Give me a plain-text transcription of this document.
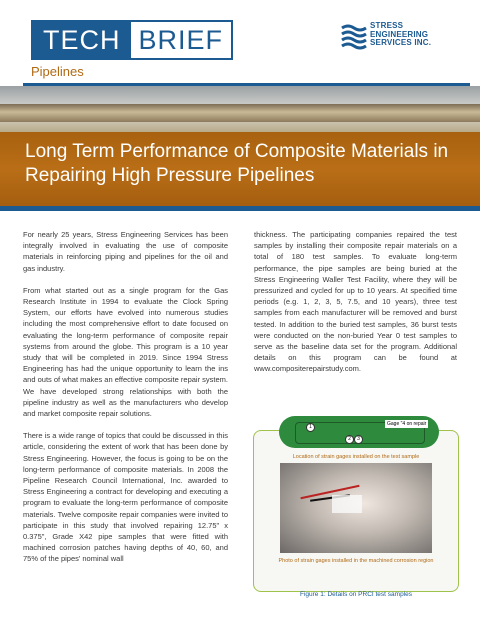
TECH BRIEF	STRESS
ENGINEERING
SERVICES INC.
Pipelines
Long Term Performance of Composite Materials in Repairing High Pressure Pipelines

For nearly 25 years, Stress Engineering Services has been integrally involved in evaluating the use of composite materials in reinforcing piping and pipelines for the oil and gas industry.

From what started out as a single program for the Gas Research Institute in 1994 to evaluate the Clock Spring System, our efforts have evolved into numerous studies including the most comprehensive effort to date focused on evaluating the long-term performance of composite repair systems from around the globe. This program is a 10 year study that will be completed in 2019. Since 1994 Stress Engineering has had the unique opportunity to learn the ins and outs of what makes an effective composite repair system. We have developed strong relationships with both the pipeline industry as well as the manufacturers who develop and market composite repair solutions.

There is a wide range of topics that could be discussed in this article, considering the extent of work that has been done by Stress Engineering. However, the focus is going to be on the long-term performance of composite materials. In 2008 the Pipeline Research Council International, Inc. awarded to Stress Engineering a contract for developing and executing a program to evaluate the long-term performance of composite materials. Twelve composite repair companies were invited to participate in this study that involved repairing 12.75" x 0.375", Grade X42 pipe samples that were fitted with machined corrosion patches having depths of 40, 60, and 75% of the pipes' nominal wall

thickness. The participating companies repaired the test samples by installing their composite repair materials on a total of 180 test samples. To evaluate long-term performance, the pipe samples are being buried at the Stress Engineering Waller Test Facility, where they will be pressurized and cycled for up to 10 years. At specified time periods (e.g. 1, 2, 3, 5, 7.5, and 10 years), three test samples from each manufacturer will be removed and burst tested. In addition to the buried test samples, 36 burst tests were conducted on the non-buried Year 0 test samples to serve as the baseline data set for the program. Additional details on this program can be found at www.compositerepairstudy.com.

1
2	3
Gage "4 on repair
Location of strain gages installed on the test sample
Photo of strain gages installed in the machined corrosion region
Figure 1: Details on PRCI test samples
